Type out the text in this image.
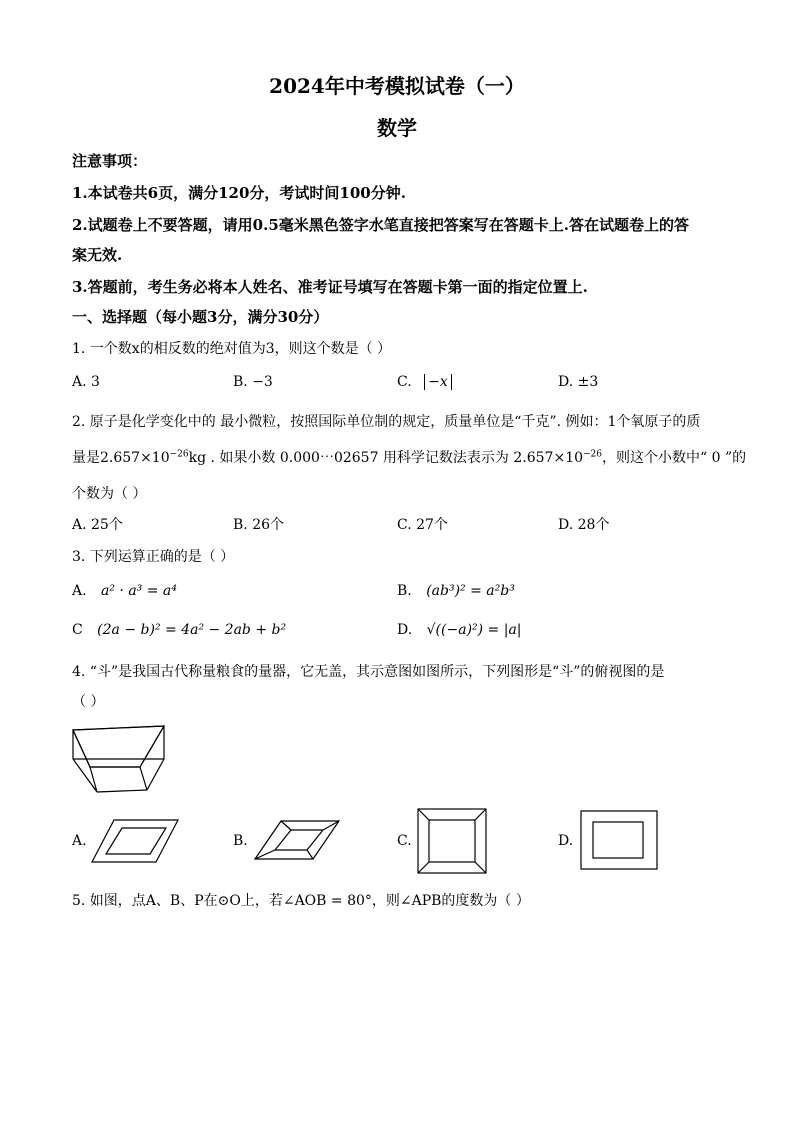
2024年中考模拟试卷（一）
数学
注意事项：
1.本试卷共6页，满分120分，考试时间100分钟.
2.试题卷上不要答题，请用0.5毫米黑色签字水笔直接把答案写在答题卡上.答在试题卷上的答
案无效.
3.答题前，考生务必将本人姓名、准考证号填写在答题卡第一面的指定位置上.
一、选择题（每小题3分，满分30分）
1. 一个数x的相反数的绝对值为3，则这个数是（ ）
A. 3	B. −3	C. −x	D. ±3
2. 原子是化学变化中的 最小微粒，按照国际单位制的规定，质量单位是“千克”. 例如：1个氧原子的质
量是$2.657\times 10^{-26}kg$ . 如果小数 0.000⋯02657 用科学记数法表示为 $2.657\times 10^{-26}$，则这个小数中“ 0 ”的
个数为（ ）
A. 25个	B. 26个	C. 27个	D. 28个
3. 下列运算正确的是（ ）
A. a² · a³ = a⁴	B. (ab³)² = a²b³
C (2a − b)² = 4a² − 2ab + b²	D. √((−a)²) = |a|
4. “斗”是我国古代称量粮食的量器，它无盖，其示意图如图所示，下列图形是“斗”的俯视图的是
（ ）
A.	B.	C.	D.
5. 如图，点A、B、P在⊙O上，若∠AOB = 80°，则∠APB的度数为（ ）
